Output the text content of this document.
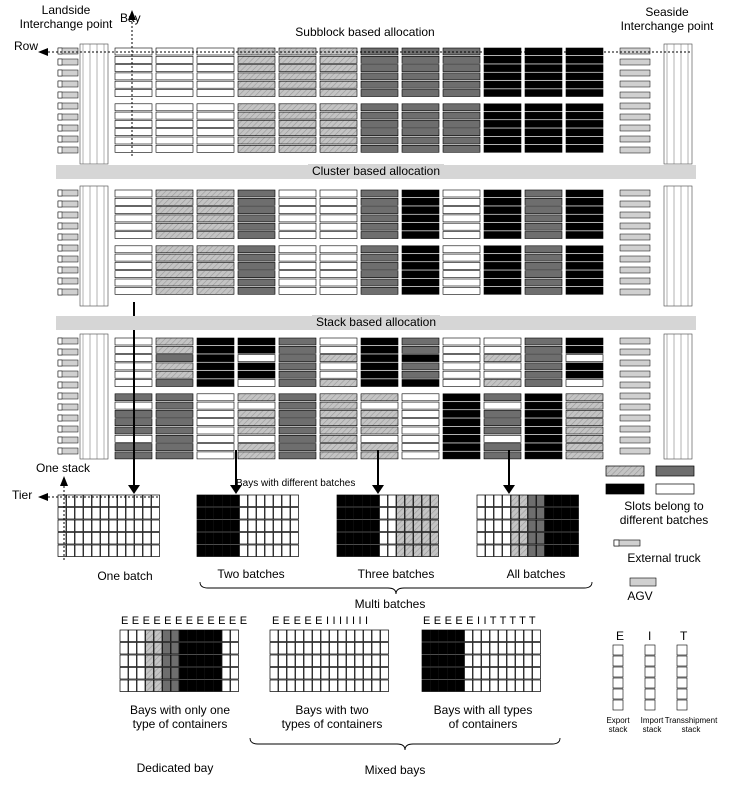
Cluster based allocation
Stack based allocation
Subblock based allocation
Landside
Interchange point
Seaside
Interchange point
Bay
Row
One stack
Tier
Bays with different batches
One batch	Two batches	Three batches	All batches
Multi batches
Slots belong to
different batches
External truck
AGV
E E E E E E E E E E E E E E E E E I I I I I I I	E E E E E I I T T T T T
Bays with only one
type of containers
Bays with two
types of containers
Bays with all types
of containers
Dedicated bay	Mixed bays
E I T
Export
stack
Import
stack
Transshipment
stack
